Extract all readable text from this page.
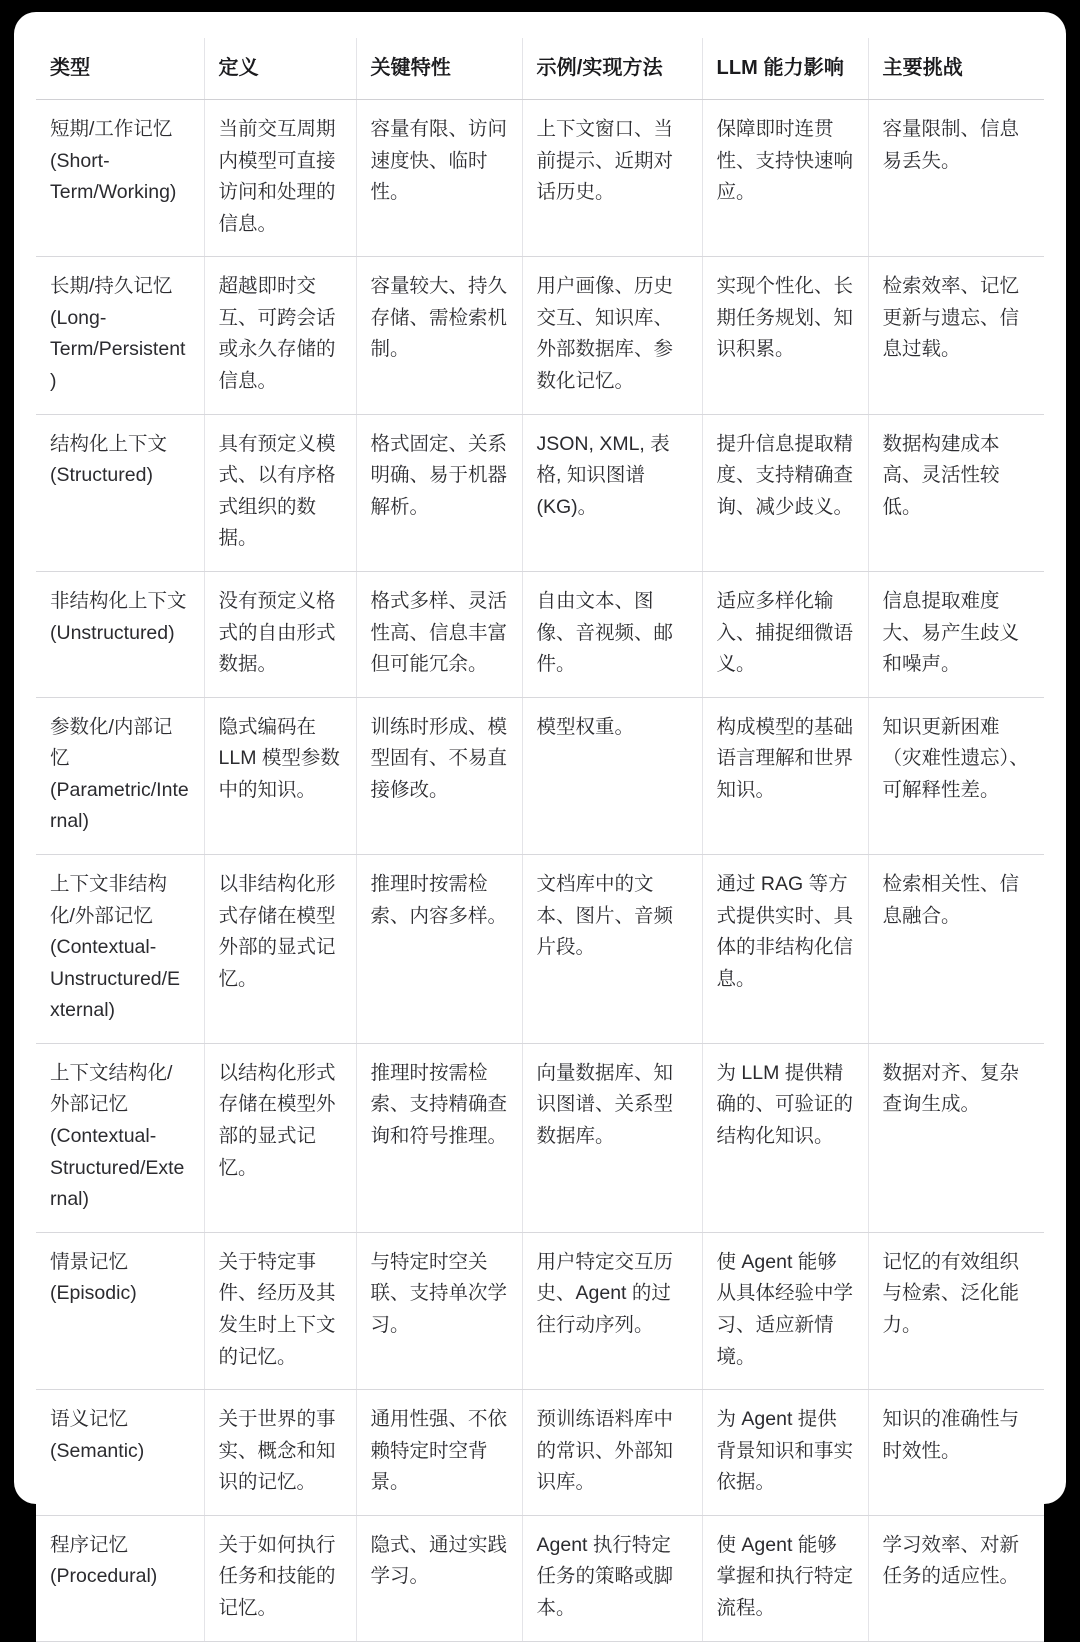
类型	定义	关键特性	示例/实现方法	LLM 能力影响	主要挑战
短期/工作记忆 (Short-Term/Working)	当前交互周期内模型可直接访问和处理的信息。	容量有限、访问速度快、临时性。	上下文窗口、当前提示、近期对话历史。	保障即时连贯性、支持快速响应。	容量限制、信息易丢失。
长期/持久记忆 (Long-Term/Persistent)	超越即时交互、可跨会话或永久存储的信息。	容量较大、持久存储、需检索机制。	用户画像、历史交互、知识库、外部数据库、参数化记忆。	实现个性化、长期任务规划、知识积累。	检索效率、记忆更新与遗忘、信息过载。
结构化上下文 (Structured)	具有预定义模式、以有序格式组织的数据。	格式固定、关系明确、易于机器解析。	JSON, XML, 表格, 知识图谱 (KG)。	提升信息提取精度、支持精确查询、减少歧义。	数据构建成本高、灵活性较低。
非结构化上下文 (Unstructured)	没有预定义格式的自由形式数据。	格式多样、灵活性高、信息丰富但可能冗余。	自由文本、图像、音视频、邮件。	适应多样化输入、捕捉细微语义。	信息提取难度大、易产生歧义和噪声。
参数化/内部记忆 (Parametric/Internal)	隐式编码在 LLM 模型参数中的知识。	训练时形成、模型固有、不易直接修改。	模型权重。	构成模型的基础语言理解和世界知识。	知识更新困难（灾难性遗忘）、可解释性差。
上下文非结构化/外部记忆 (Contextual-Unstructured/External)	以非结构化形式存储在模型外部的显式记忆。	推理时按需检索、内容多样。	文档库中的文本、图片、音频片段。	通过 RAG 等方式提供实时、具体的非结构化信息。	检索相关性、信息融合。
上下文结构化/外部记忆 (Contextual-Structured/External)	以结构化形式存储在模型外部的显式记忆。	推理时按需检索、支持精确查询和符号推理。	向量数据库、知识图谱、关系型数据库。	为 LLM 提供精确的、可验证的结构化知识。	数据对齐、复杂查询生成。
情景记忆 (Episodic)	关于特定事件、经历及其发生时上下文的记忆。	与特定时空关联、支持单次学习。	用户特定交互历史、Agent 的过往行动序列。	使 Agent 能够从具体经验中学习、适应新情境。	记忆的有效组织与检索、泛化能力。
语义记忆 (Semantic)	关于世界的事实、概念和知识的记忆。	通用性强、不依赖特定时空背景。	预训练语料库中的常识、外部知识库。	为 Agent 提供背景知识和事实依据。	知识的准确性与时效性。
程序记忆 (Procedural)	关于如何执行任务和技能的记忆。	隐式、通过实践学习。	Agent 执行特定任务的策略或脚本。	使 Agent 能够掌握和执行特定流程。	学习效率、对新任务的适应性。
